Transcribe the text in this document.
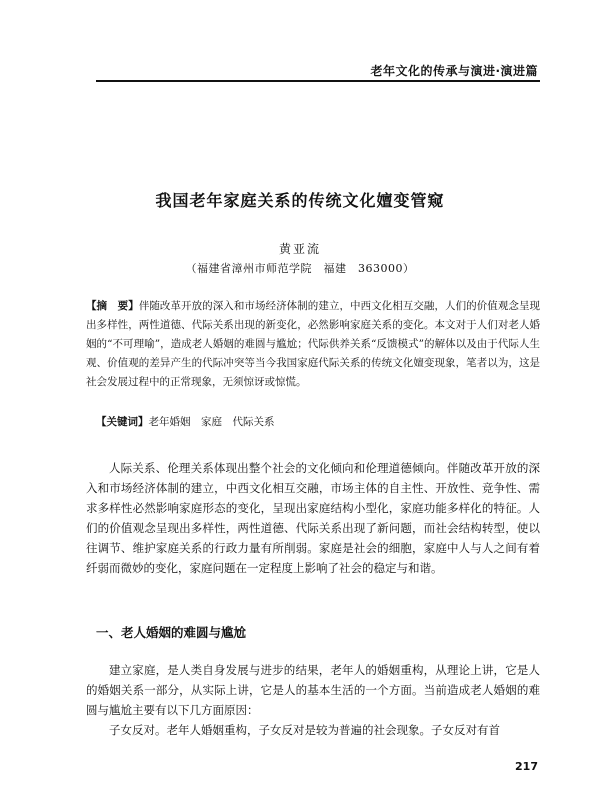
老年文化的传承与演进·演进篇
我国老年家庭关系的传统文化嬗变管窥
黄亚流
（福建省漳州市师范学院　福建　363000）
【摘　要】伴随改革开放的深入和市场经济体制的建立，中西文化相互交融，人们的价值观念呈现出多样性，两性道德、代际关系出现的新变化，必然影响家庭关系的变化。本文对于人们对老人婚姻的“不可理喻”，造成老人婚姻的难圆与尴尬；代际供养关系“反馈模式”的解体以及由于代际人生观、价值观的差异产生的代际冲突等当今我国家庭代际关系的传统文化嬗变现象，笔者以为，这是社会发展过程中的正常现象，无须惊讶或惊慌。
【关键词】老年婚姻　家庭　代际关系

人际关系、伦理关系体现出整个社会的文化倾向和伦理道德倾向。伴随改革开放的深入和市场经济体制的建立，中西文化相互交融，市场主体的自主性、开放性、竞争性、需求多样性必然影响家庭形态的变化，呈现出家庭结构小型化，家庭功能多样化的特征。人们的价值观念呈现出多样性，两性道德、代际关系出现了新问题，而社会结构转型，使以往调节、维护家庭关系的行政力量有所削弱。家庭是社会的细胞，家庭中人与人之间有着纤弱而微妙的变化，家庭问题在一定程度上影响了社会的稳定与和谐。

一、老人婚姻的难圆与尴尬

建立家庭，是人类自身发展与进步的结果，老年人的婚姻重构，从理论上讲，它是人的婚姻关系一部分，从实际上讲，它是人的基本生活的一个方面。当前造成老人婚姻的难圆与尴尬主要有以下几方面原因：

子女反对。老年人婚姻重构，子女反对是较为普遍的社会现象。子女反对有首

217
